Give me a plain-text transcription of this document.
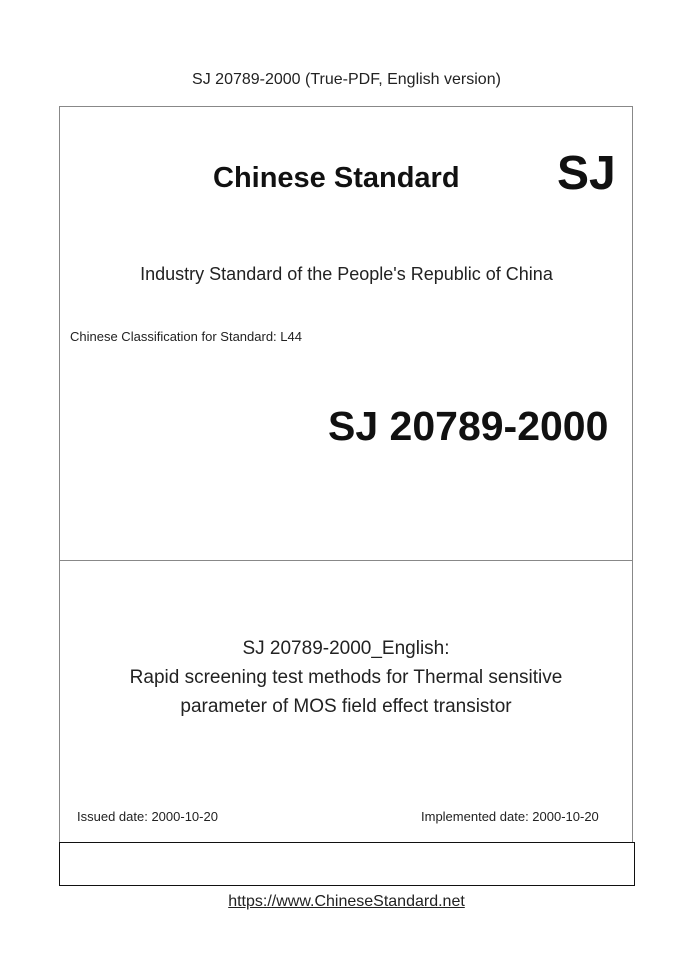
SJ 20789-2000 (True-PDF, English version)
Chinese Standard SJ
Industry Standard of the People's Republic of China
Chinese Classification for Standard: L44
SJ 20789-2000
SJ 20789-2000_English:
Rapid screening test methods for Thermal sensitive
parameter of MOS field effect transistor
Issued date: 2000-10-20	Implemented date: 2000-10-20
https://www.ChineseStandard.net
